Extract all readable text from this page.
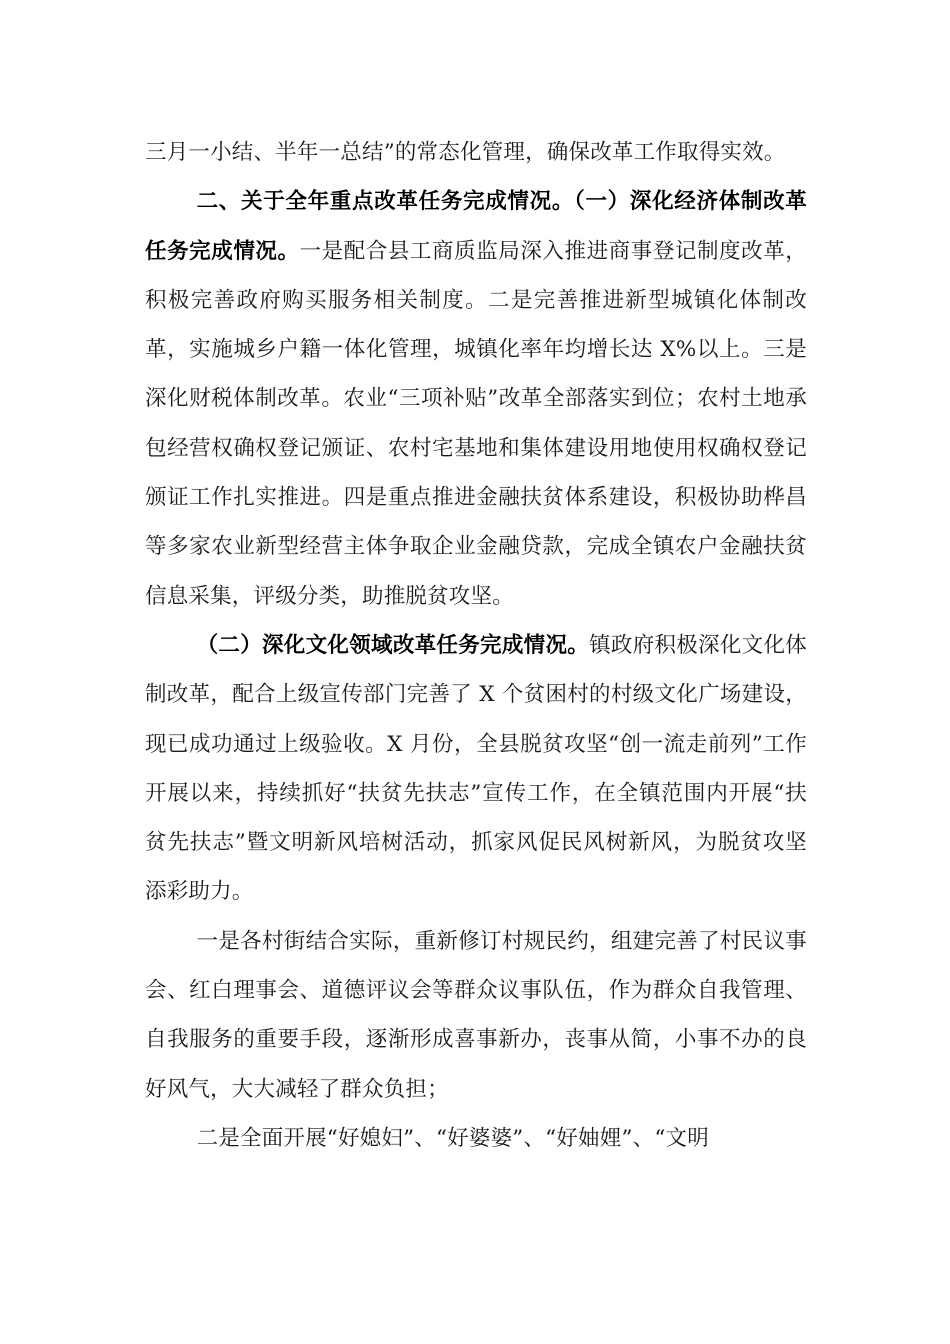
三月一小结、半年一总结”的常态化管理，确保改革工作取得实效。

二、关于全年重点改革任务完成情况。（一）深化经济体制改革任务完成情况。一是配合县工商质监局深入推进商事登记制度改革，积极完善政府购买服务相关制度。二是完善推进新型城镇化体制改革，实施城乡户籍一体化管理，城镇化率年均增长达 X%以上。三是深化财税体制改革。农业“三项补贴”改革全部落实到位；农村土地承包经营权确权登记颁证、农村宅基地和集体建设用地使用权确权登记颁证工作扎实推进。四是重点推进金融扶贫体系建设，积极协助桦昌等多家农业新型经营主体争取企业金融贷款，完成全镇农户金融扶贫信息采集，评级分类，助推脱贫攻坚。

（二）深化文化领域改革任务完成情况。镇政府积极深化文化体制改革，配合上级宣传部门完善了 X 个贫困村的村级文化广场建设，现已成功通过上级验收。X 月份，全县脱贫攻坚“创一流走前列”工作开展以来，持续抓好“扶贫先扶志”宣传工作，在全镇范围内开展“扶贫先扶志”暨文明新风培树活动，抓家风促民风树新风，为脱贫攻坚添彩助力。

一是各村街结合实际，重新修订村规民约，组建完善了村民议事会、红白理事会、道德评议会等群众议事队伍，作为群众自我管理、自我服务的重要手段，逐渐形成喜事新办，丧事从简，小事不办的良好风气，大大减轻了群众负担；

二是全面开展“好媳妇”、“好婆婆”、“好妯娌”、“文明
